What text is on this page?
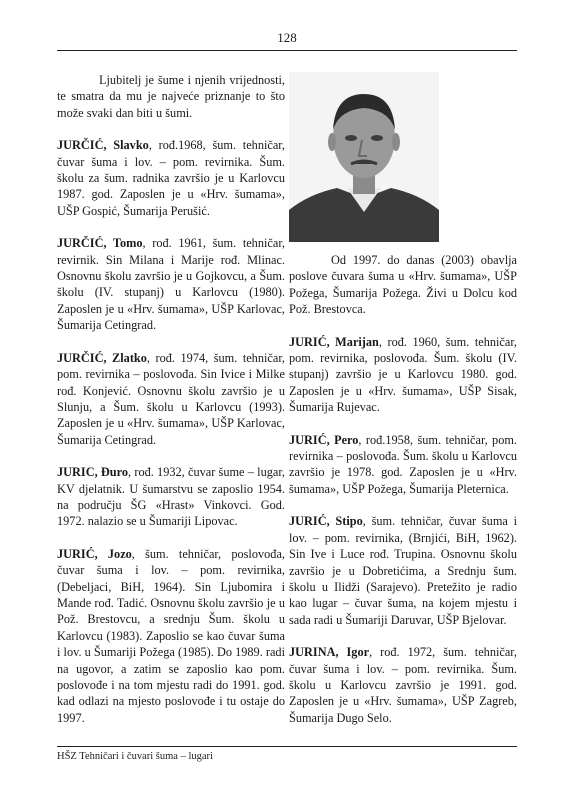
128

Ljubitelj je šume i njenih vrijednosti, te smatra da mu je najveće priznanje to što može svaki dan biti u šumi.

JURČIĆ, Slavko, rođ.1968, šum. tehničar, čuvar šuma i lov. – pom. revirnika. Šum. školu za šum. radnika završio je u Karlovcu 1987. god. Zaposlen je u «Hrv. šumama», UŠP Gospić, Šumarija Perušić.

JURČIĆ, Tomo, rođ. 1961, šum. tehničar, revirnik. Sin Milana i Marije rođ. Mlinac. Osnovnu školu završio je u Gojkovcu, a Šum. školu (IV. stupanj) u Karlovcu (1980). Zaposlen je u «Hrv. šumama», UŠP Karlovac, Šumarija Cetingrad.

JURČIĆ, Zlatko, rođ. 1974, šum. tehničar, pom. revirnika – poslovođa. Sin Ivice i Milke rođ. Konjević. Osnovnu školu završio je u Slunju, a Šum. školu u Karlovcu (1993). Zaposlen je u «Hrv. šumama», UŠP Karlovac, Šumarija Cetingrad.

JURIC, Đuro, rođ. 1932, čuvar šume – lugar, KV djelatnik. U šumarstvu se zaposlio 1954. na području ŠG «Hrast» Vinkovci. God. 1972. nalazio se u Šumariji Lipovac.

JURIĆ, Jozo, šum. tehničar, poslovođa, čuvar šuma i lov. – pom. revirnika, (Debeljaci, BiH, 1964). Sin Ljubomira i Mande rođ. Tadić. Osnovnu školu završio je u Pož. Brestovcu, a srednju Šum. školu u Karlovcu (1983). Zaposlio se kao čuvar šuma i lov. u Šumariji Požega (1985). Do 1989. radi na ugovor, a zatim se zaposlio kao pom. poslovođe i na tom mjestu radi do 1991. god. kad odlazi na mjesto poslovođe i tu ostaje do 1997.

Od 1997. do danas (2003) obavlja poslove čuvara šuma u «Hrv. šumama», UŠP Požega, Šumarija Požega. Živi u Dolcu kod Pož. Brestovca.

JURIĆ, Marijan, rođ. 1960, šum. tehničar, pom. revirnika, poslovođa. Šum. školu (IV. stupanj) završio je u Karlovcu 1980. god. Zaposlen je u «Hrv. šumama», UŠP Sisak, Šumarija Rujevac.

JURIĆ, Pero, rođ.1958, šum. tehničar, pom. revirnika – poslovođa. Šum. školu u Karlovcu završio je 1978. god. Zaposlen je u «Hrv. šumama», UŠP Požega, Šumarija Pleternica.

JURIĆ, Stipo, šum. tehničar, čuvar šuma i lov. – pom. revirnika, (Brnjići, BiH, 1962). Sin Ive i Luce rođ. Trupina. Osnovnu školu završio je u Dobretićima, a Srednju šum. školu u Ilidži (Sarajevo). Pretežito je radio kao lugar – čuvar šuma, na kojem mjestu i sada radi u Šumariji Daruvar, UŠP Bjelovar.

JURINA, Igor, rođ. 1972, šum. tehničar, čuvar šuma i lov. – pom. revirnika. Šum. školu u Karlovcu završio je 1991. god. Zaposlen je u «Hrv. šumama», UŠP Zagreb, Šumarija Dugo Selo.

HŠZ Tehničari i čuvari šuma – lugari
